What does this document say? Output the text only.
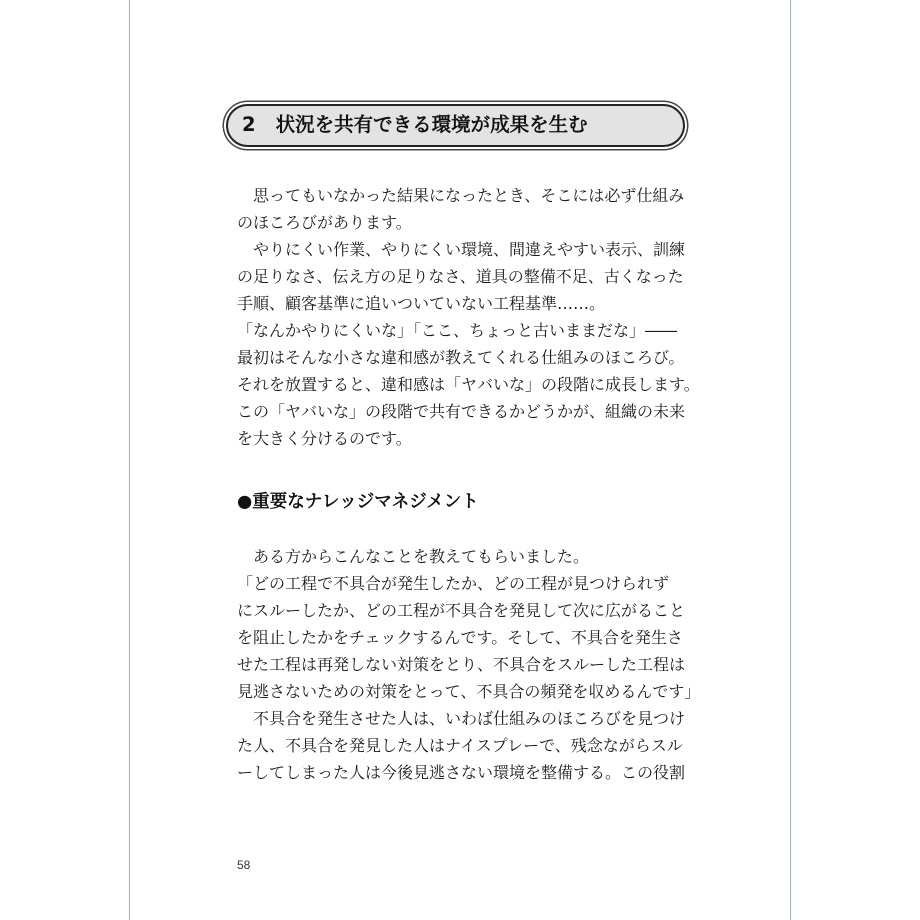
2 状況を共有できる環境が成果を生む
　思ってもいなかった結果になったとき、そこには必ず仕組み
のほころびがあります。
　やりにくい作業、やりにくい環境、間違えやすい表示、訓練
の足りなさ、伝え方の足りなさ、道具の整備不足、古くなった
手順、顧客基準に追いついていない工程基準……。
「なんかやりにくいな」「ここ、ちょっと古いままだな」――
最初はそんな小さな違和感が教えてくれる仕組みのほころび。
それを放置すると、違和感は「ヤバいな」の段階に成長します。
この「ヤバいな」の段階で共有できるかどうかが、組織の未来
を大きく分けるのです。
●重要なナレッジマネジメント
　ある方からこんなことを教えてもらいました。
「どの工程で不具合が発生したか、どの工程が見つけられず
にスルーしたか、どの工程が不具合を発見して次に広がること
を阻止したかをチェックするんです。そして、不具合を発生さ
せた工程は再発しない対策をとり、不具合をスルーした工程は
見逃さないための対策をとって、不具合の頻発を収めるんです」
　不具合を発生させた人は、いわば仕組みのほころびを見つけ
た人、不具合を発見した人はナイスプレーで、残念ながらスル
ーしてしまった人は今後見逃さない環境を整備する。この役割
58
